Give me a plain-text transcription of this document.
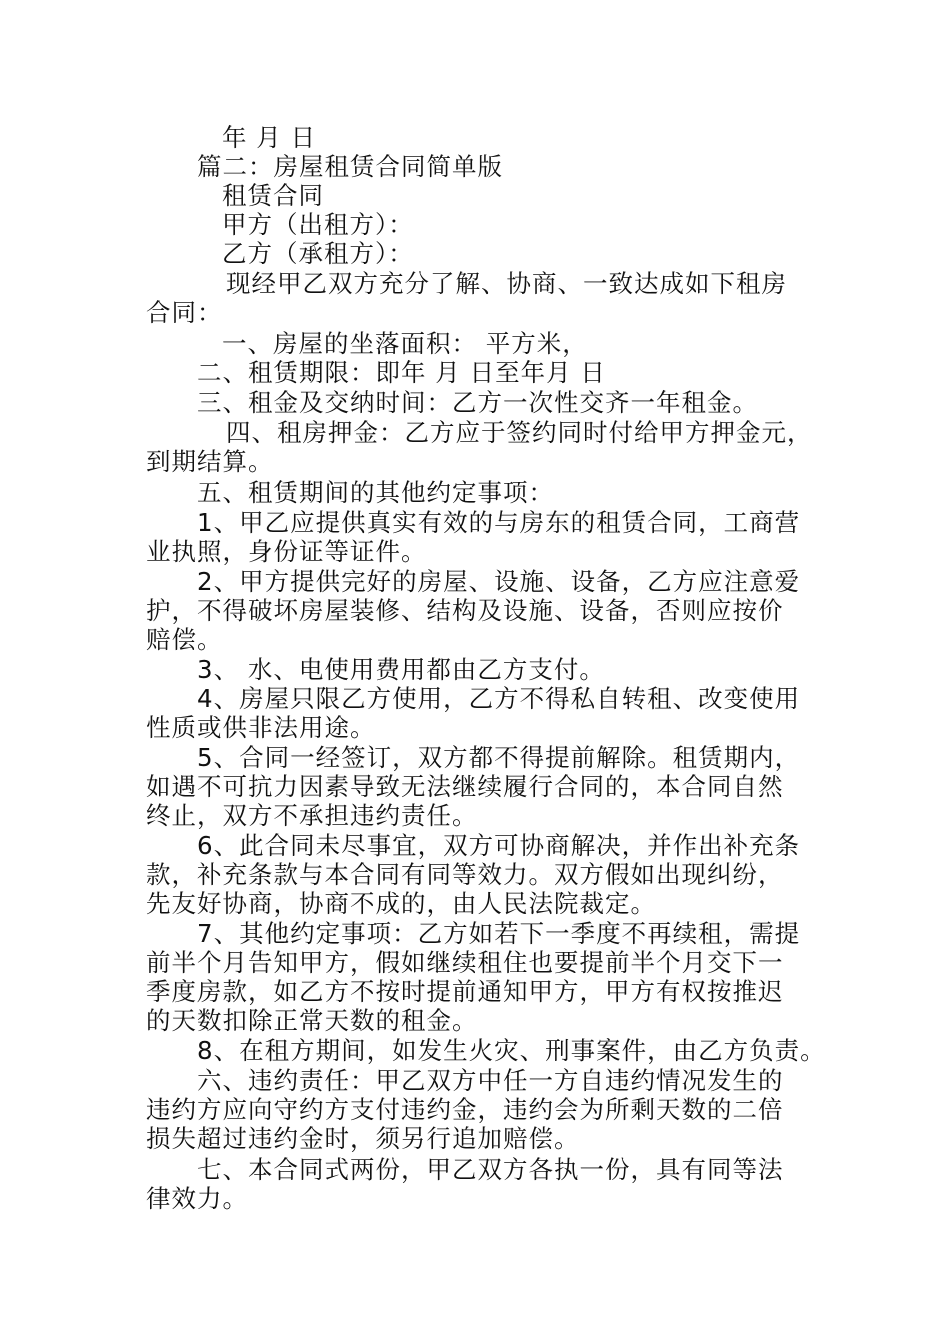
年 月 日
篇二：房屋租赁合同简单版
租赁合同
甲方（出租方）：
乙方（承租方）：
现经甲乙双方充分了解、协商、一致达成如下租房
合同：
一、房屋的坐落面积： 平方米，
二、租赁期限：即年 月 日至年月 日
三、租金及交纳时间：乙方一次性交齐一年租金。
四、租房押金：乙方应于签约同时付给甲方押金元，
到期结算。
五、租赁期间的其他约定事项：
1、甲乙应提供真实有效的与房东的租赁合同，工商营
业执照，身份证等证件。
2、甲方提供完好的房屋、设施、设备，乙方应注意爱
护，不得破坏房屋装修、结构及设施、设备，否则应按价
赔偿。
3、 水、电使用费用都由乙方支付。
4、房屋只限乙方使用，乙方不得私自转租、改变使用
性质或供非法用途。
5、合同一经签订，双方都不得提前解除。租赁期内，
如遇不可抗力因素导致无法继续履行合同的，本合同自然
终止，双方不承担违约责任。
6、此合同未尽事宜，双方可协商解决，并作出补充条
款，补充条款与本合同有同等效力。双方假如出现纠纷，
先友好协商，协商不成的，由人民法院裁定。
7、其他约定事项：乙方如若下一季度不再续租，需提
前半个月告知甲方，假如继续租住也要提前半个月交下一
季度房款，如乙方不按时提前通知甲方，甲方有权按推迟
的天数扣除正常天数的租金。
8、在租方期间，如发生火灾、刑事案件，由乙方负责。
六、违约责任：甲乙双方中任一方自违约情况发生的
违约方应向守约方支付违约金，违约会为所剩天数的二倍
损失超过违约金时，须另行追加赔偿。
七、本合同式两份，甲乙双方各执一份，具有同等法
律效力。
